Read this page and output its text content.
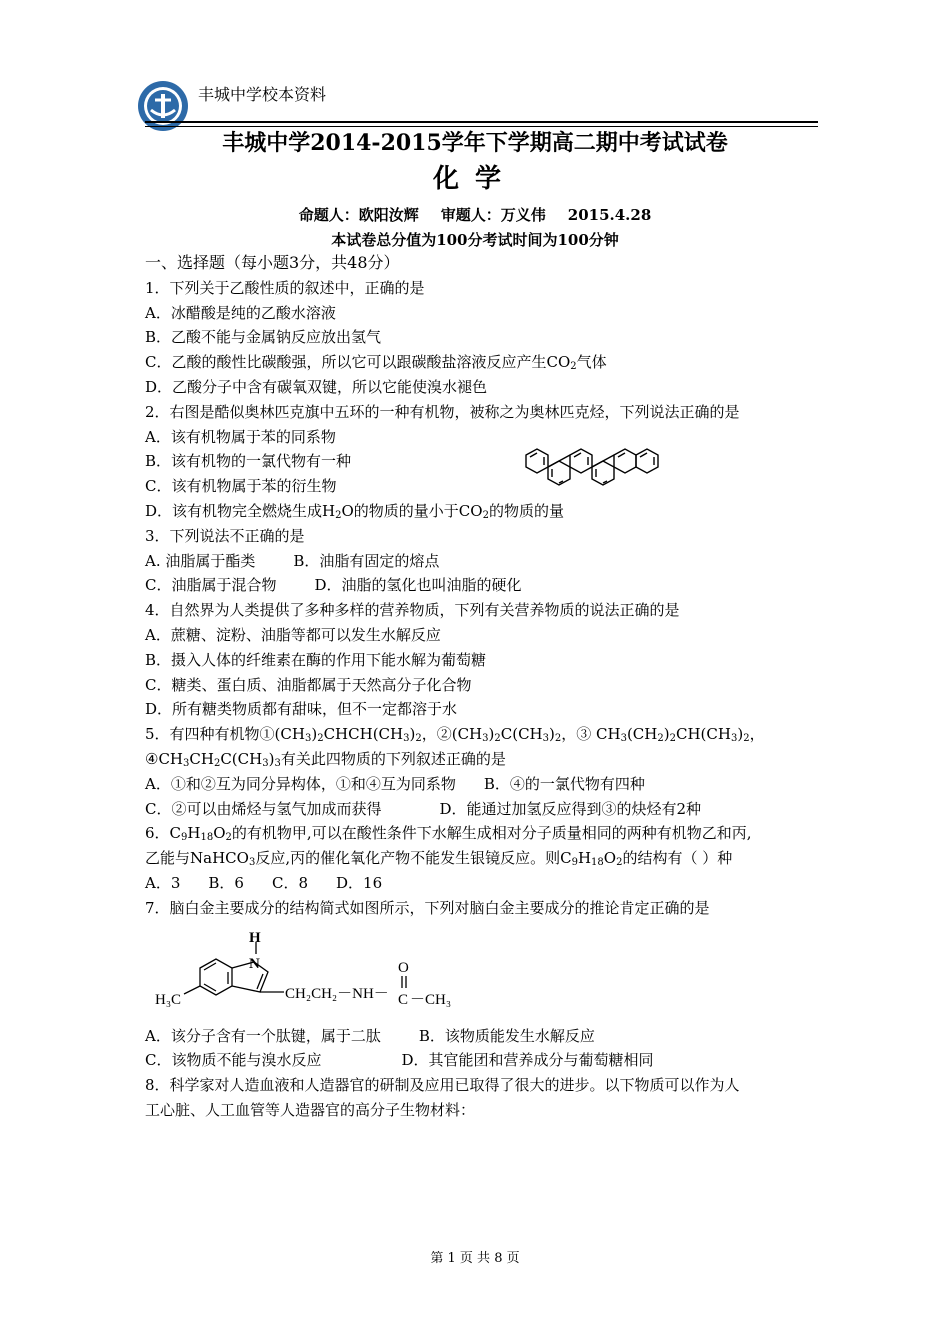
丰城中学校本资料
丰城中学2014-2015学年下学期高二期中考试试卷
化学
命题人：欧阳汝辉 审题人：万义伟 2015.4.28
本试卷总分值为100分考试时间为100分钟
一、选择题（每小题3分，共48分）
1．下列关于乙酸性质的叙述中，正确的是
A．冰醋酸是纯的乙酸水溶液
B．乙酸不能与金属钠反应放出氢气
C．乙酸的酸性比碳酸强，所以它可以跟碳酸盐溶液反应产生$CO_2$气体
D．乙酸分子中含有碳氧双键，所以它能使溴水褪色
2．右图是酷似奥林匹克旗中五环的一种有机物，被称之为奥林匹克烃，下列说法正确的是
A．该有机物属于苯的同系物
B．该有机物的一氯代物有一种
C．该有机物属于苯的衍生物
D．该有机物完全燃烧生成$H_2O$的物质的量小于$CO_2$的物质的量
3．下列说法不正确的是
A. 油脂属于酯类	B．油脂有固定的熔点
C．油脂属于混合物	D．油脂的氢化也叫油脂的硬化
4．自然界为人类提供了多种多样的营养物质，下列有关营养物质的说法正确的是
A．蔗糖、淀粉、油脂等都可以发生水解反应
B．摄入人体的纤维素在酶的作用下能水解为葡萄糖
C．糖类、蛋白质、油脂都属于天然高分子化合物
D．所有糖类物质都有甜味，但不一定都溶于水
5．有四种有机物$①(CH_3)_2CHCH(CH_3)_2$，$②(CH_3)_2C(CH_3)_2$，③ $CH_3(CH_2)_2CH(CH_3)_2$，
$④CH_3CH_2C(CH_3)_3$有关此四物质的下列叙述正确的是
A．①和②互为同分异构体，①和④互为同系物 B．④的一氯代物有四种
C．②可以由烯烃与氢气加成而获得	D．能通过加氢反应得到③的炔烃有2种
6．$C_9H_{18}O_2$的有机物甲,可以在酸性条件下水解生成相对分子质量相同的两种有机物乙和丙,
乙能与NaHCO$_3$反应,丙的催化氧化产物不能发生银镜反应。则$C_9H_{18}O_2$的结构有（ ）种
A．3 B．6 C．8 D．16
7．脑白金主要成分的结构简式如图所示，下列对脑白金主要成分的推论肯定正确的是
A．该分子含有一个肽键，属于二肽	B．该物质能发生水解反应
C．该物质不能与溴水反应	D．其官能团和营养成分与葡萄糖相同
8．科学家对人造血液和人造器官的研制及应用已取得了很大的进步。以下物质可以作为人
工心脏、人工血管等人造器官的高分子生物材料：
H
N
H₃C	CH₂CH₂－NH－ C
O
－CH₃
第 1 页 共 8 页
